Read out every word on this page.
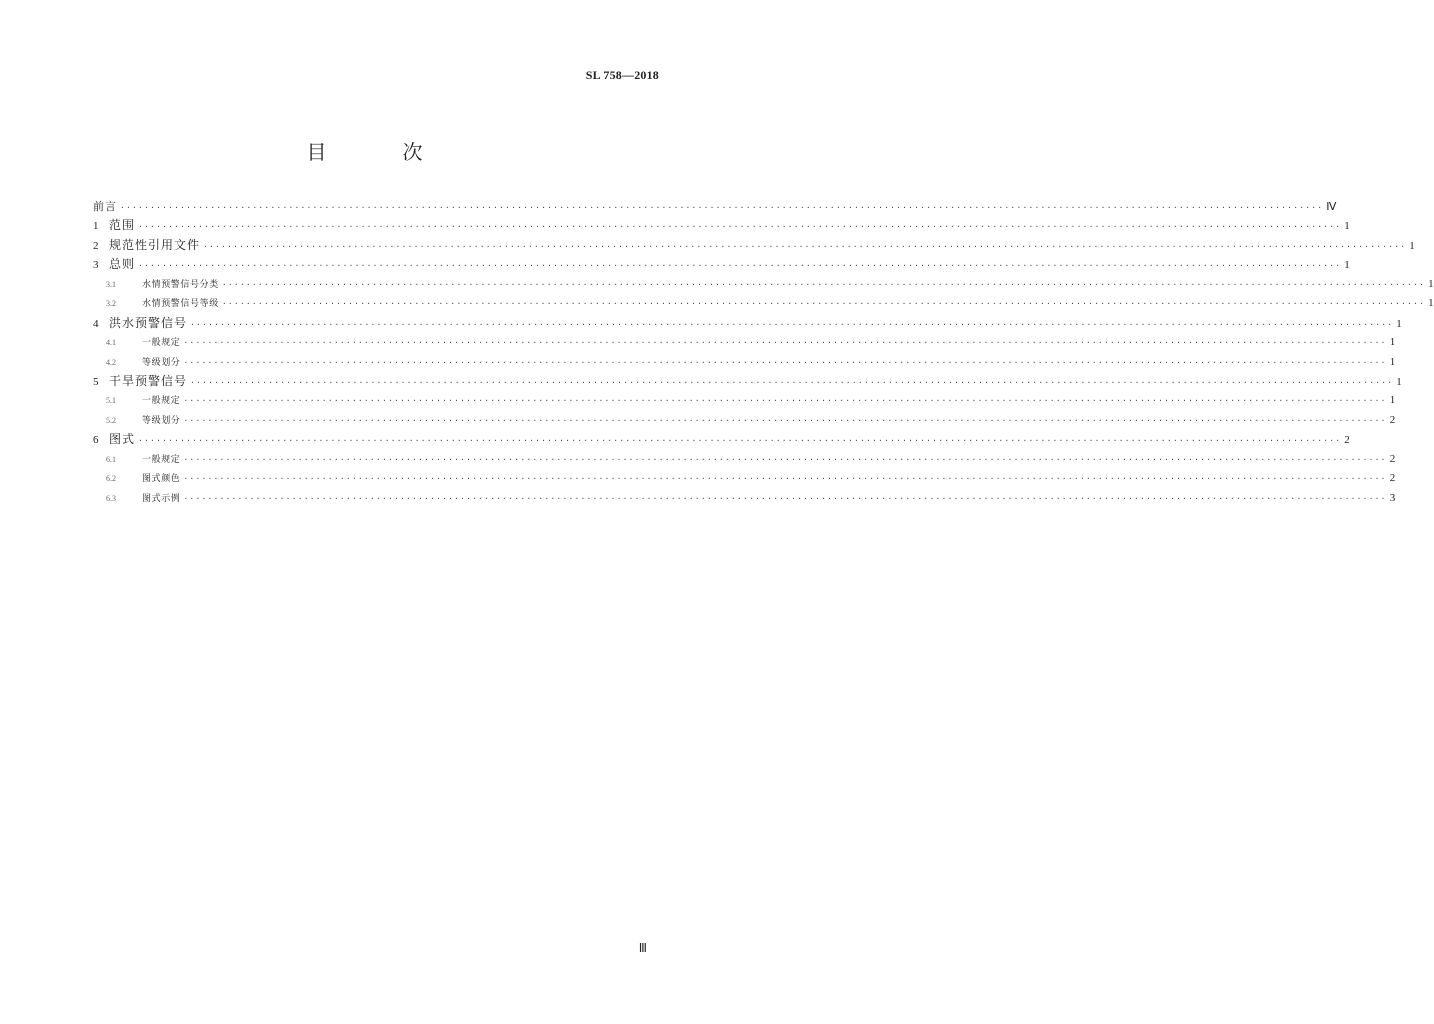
SL 758—2018
目　次
前言 ········································································································································································································ Ⅳ
1 范围 ········································································································································································································ 1
2 规范性引用文件 ········································································································································································································ 1
3 总则 ········································································································································································································ 1
3.1	水情预警信号分类 ········································································································································································································ 1
3.2	水情预警信号等级 ········································································································································································································ 1
4 洪水预警信号 ········································································································································································································ 1
4.1	一般规定 ········································································································································································································ 1
4.2	等级划分 ········································································································································································································ 1
5 干旱预警信号 ········································································································································································································ 1
5.1	一般规定 ········································································································································································································ 1
5.2	等级划分 ········································································································································································································ 2
6 图式 ········································································································································································································ 2
6.1	一般规定 ········································································································································································································ 2
6.2	图式颜色 ········································································································································································································ 2
6.3	图式示例 ········································································································································································································ 3
Ⅲ
